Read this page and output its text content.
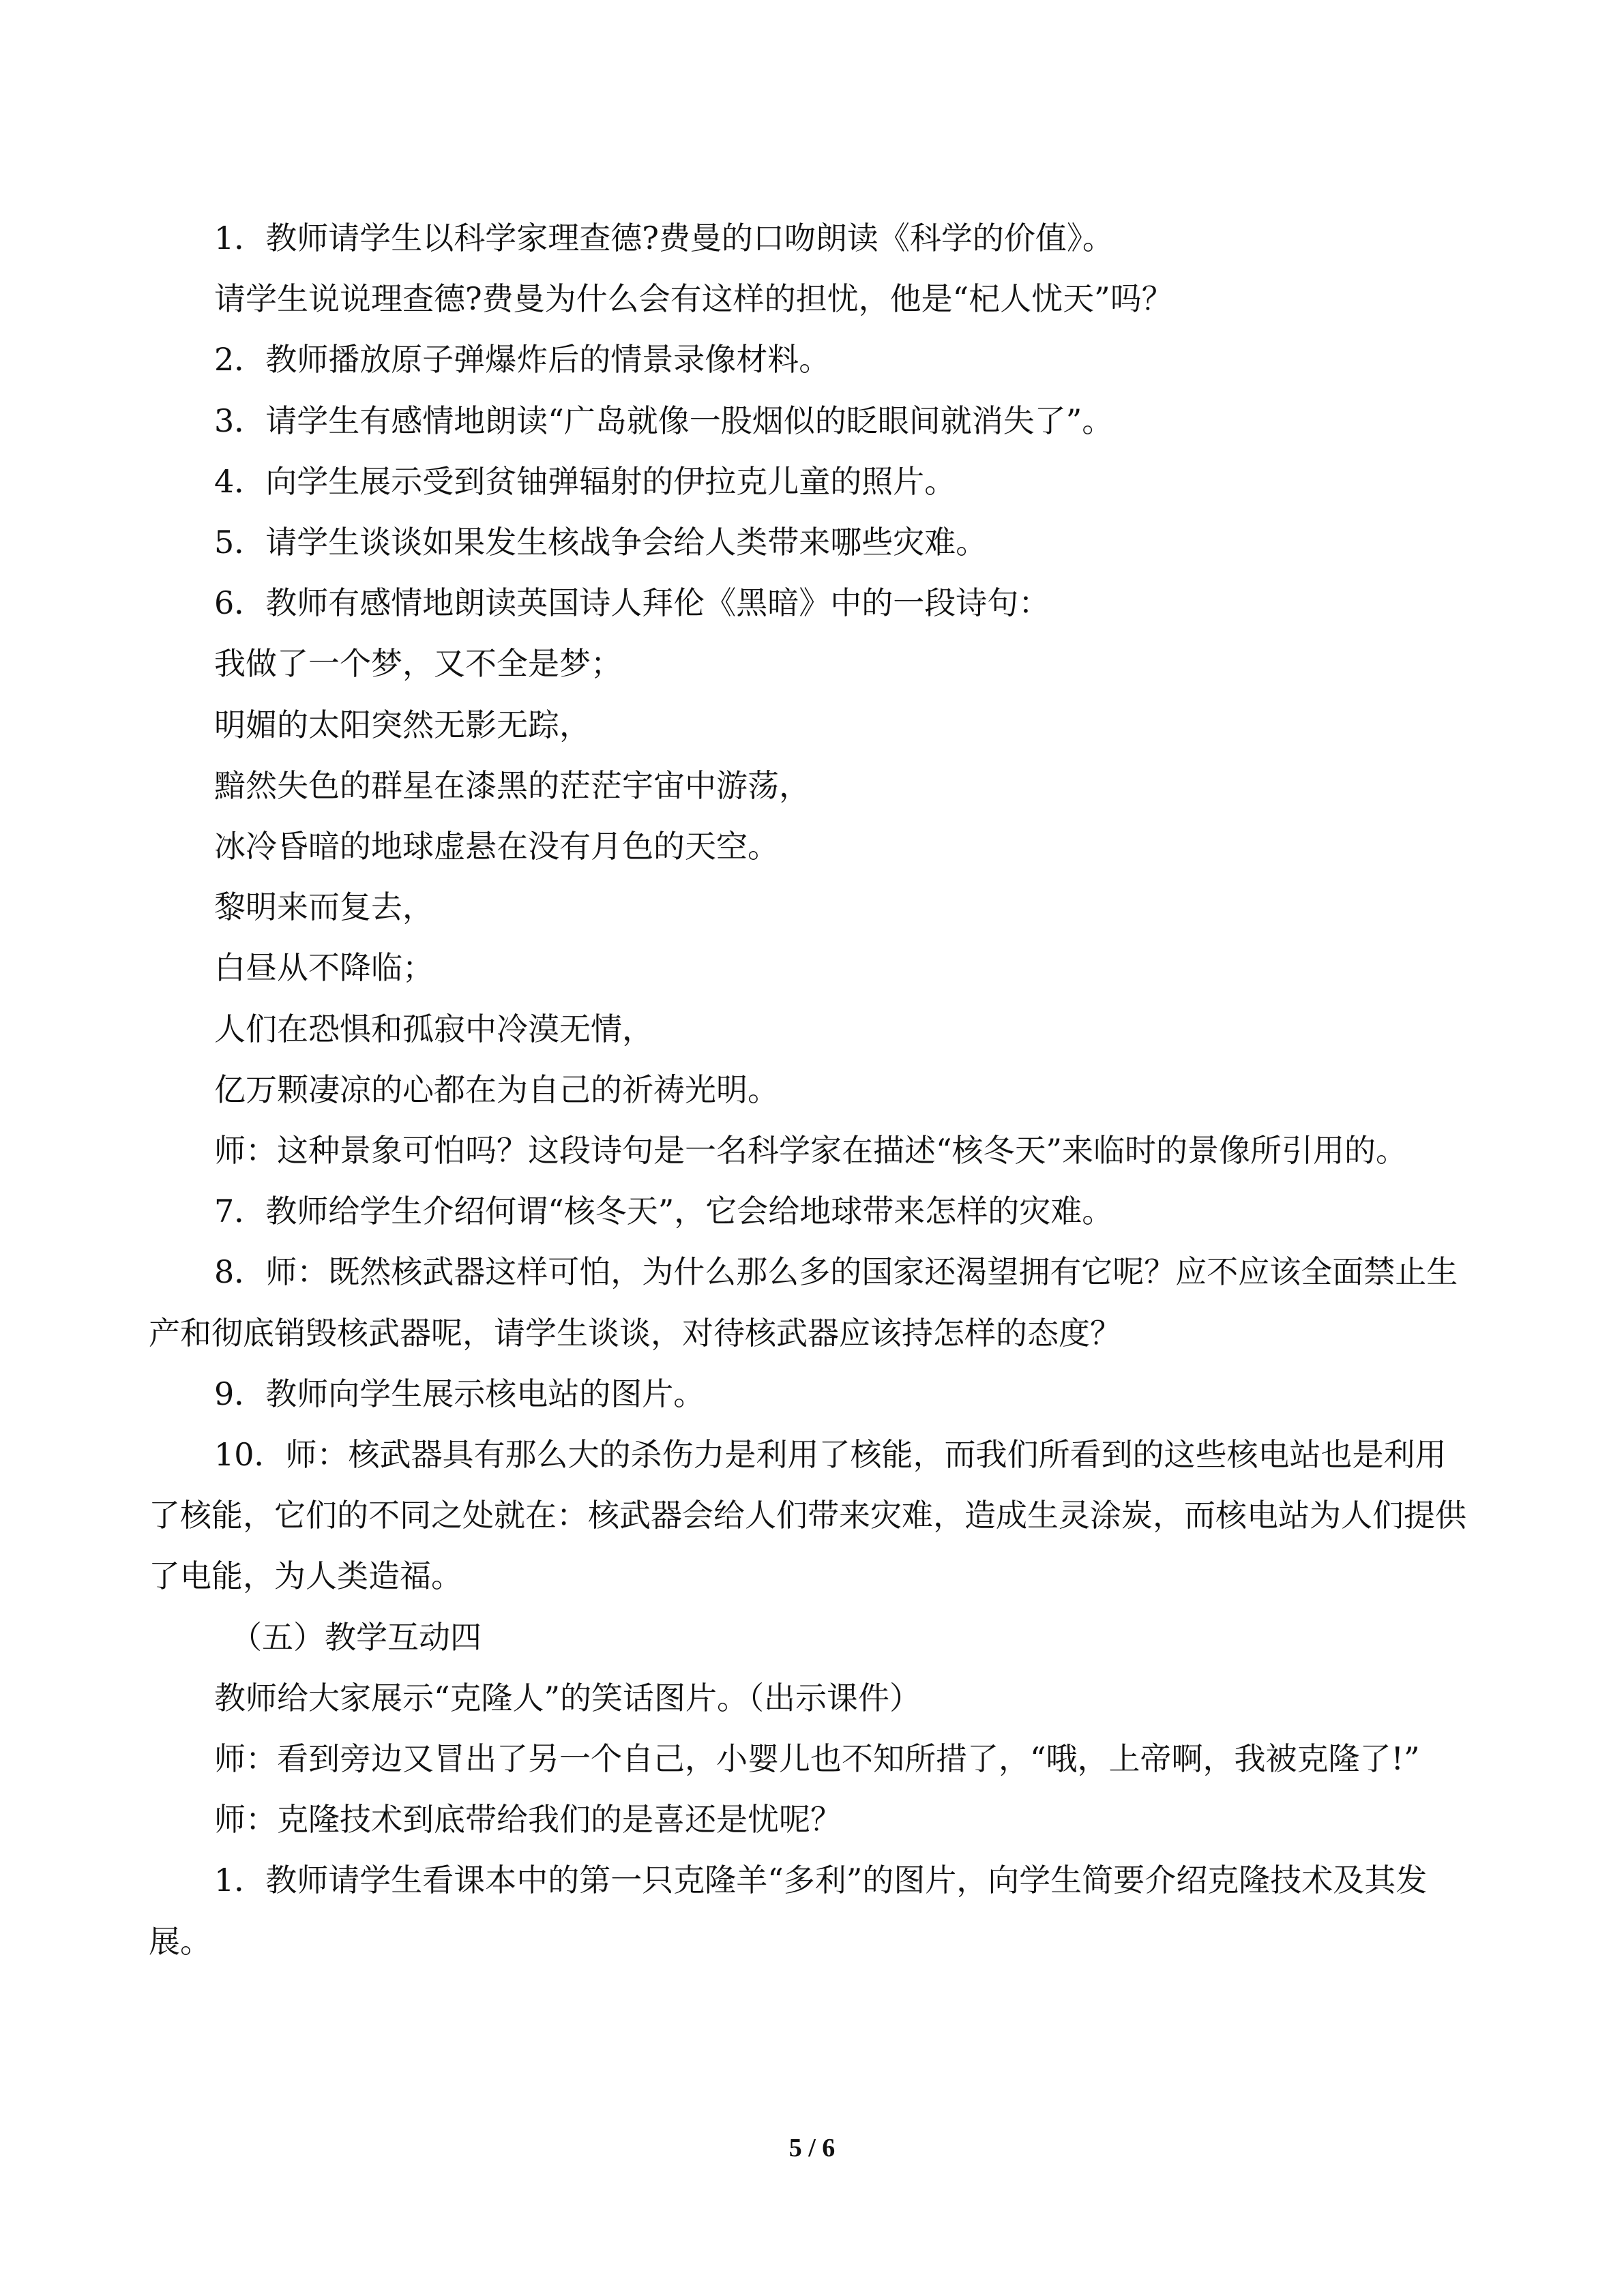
1．教师请学生以科学家理查德?费曼的口吻朗读《科学的价值》。

请学生说说理查德?费曼为什么会有这样的担忧，他是“杞人忧天”吗？

2．教师播放原子弹爆炸后的情景录像材料。

3．请学生有感情地朗读“广岛就像一股烟似的眨眼间就消失了”。

4．向学生展示受到贫铀弹辐射的伊拉克儿童的照片。

5．请学生谈谈如果发生核战争会给人类带来哪些灾难。

6．教师有感情地朗读英国诗人拜伦《黑暗》中的一段诗句：

我做了一个梦，又不全是梦；

明媚的太阳突然无影无踪，

黯然失色的群星在漆黑的茫茫宇宙中游荡，

冰冷昏暗的地球虚悬在没有月色的天空。

黎明来而复去，

白昼从不降临；

人们在恐惧和孤寂中冷漠无情，

亿万颗凄凉的心都在为自己的祈祷光明。

师：这种景象可怕吗？这段诗句是一名科学家在描述“核冬天”来临时的景像所引用的。

7．教师给学生介绍何谓“核冬天”，它会给地球带来怎样的灾难。

8．师：既然核武器这样可怕，为什么那么多的国家还渴望拥有它呢？应不应该全面禁止生产和彻底销毁核武器呢，请学生谈谈，对待核武器应该持怎样的态度？

9．教师向学生展示核电站的图片。

10．师：核武器具有那么大的杀伤力是利用了核能，而我们所看到的这些核电站也是利用了核能，它们的不同之处就在：核武器会给人们带来灾难，造成生灵涂炭，而核电站为人们提供了电能，为人类造福。

（五）教学互动四

教师给大家展示“克隆人”的笑话图片。（出示课件）

师：看到旁边又冒出了另一个自己，小婴儿也不知所措了，“哦，上帝啊，我被克隆了!”

师：克隆技术到底带给我们的是喜还是忧呢？

1．教师请学生看课本中的第一只克隆羊“多利”的图片，向学生简要介绍克隆技术及其发展。

5 / 6
